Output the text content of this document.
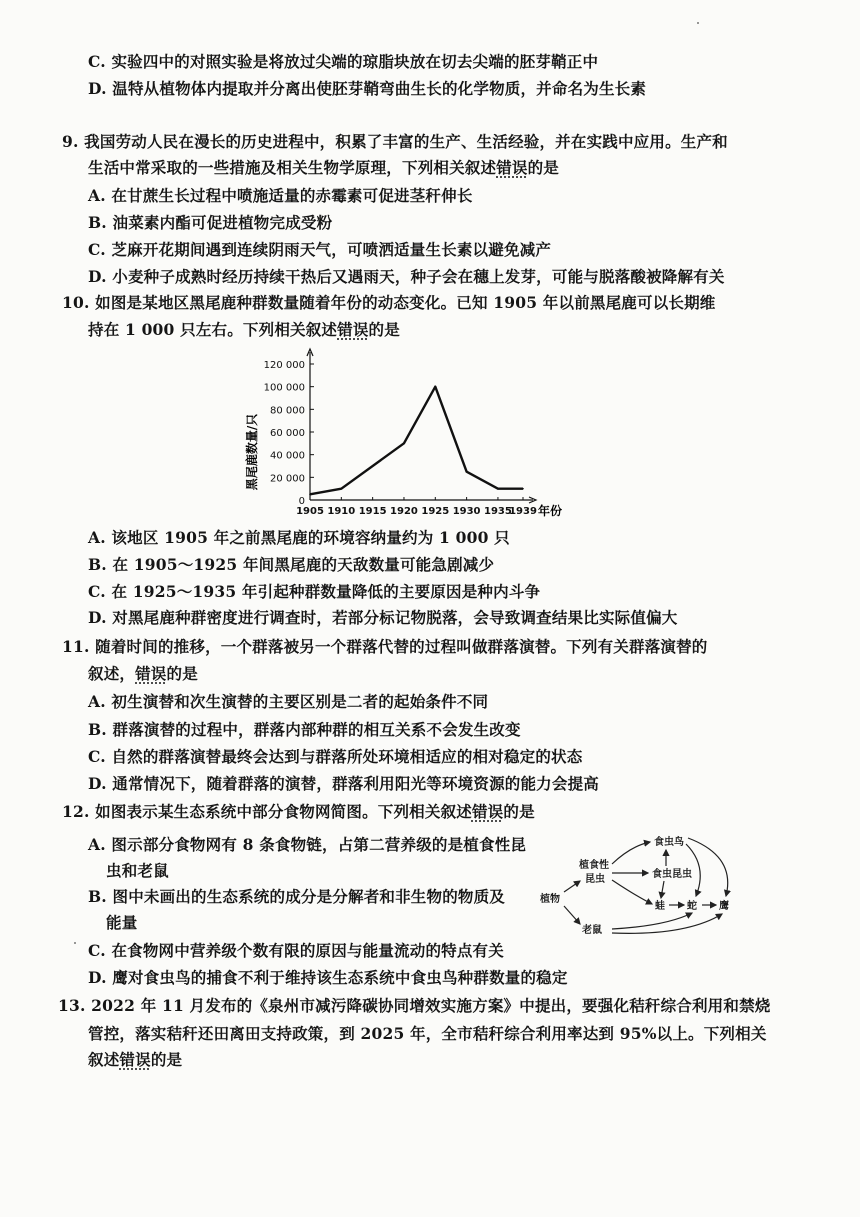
C. 实验四中的对照实验是将放过尖端的琼脂块放在切去尖端的胚芽鞘正中
D. 温特从植物体内提取并分离出使胚芽鞘弯曲生长的化学物质，并命名为生长素
9. 我国劳动人民在漫长的历史进程中，积累了丰富的生产、生活经验，并在实践中应用。生产和
生活中常采取的一些措施及相关生物学原理，下列相关叙述错误的是
A. 在甘蔗生长过程中喷施适量的赤霉素可促进茎秆伸长
B. 油菜素内酯可促进植物完成受粉
C. 芝麻开花期间遇到连续阴雨天气，可喷洒适量生长素以避免减产
D. 小麦种子成熟时经历持续干热后又遇雨天，种子会在穗上发芽，可能与脱落酸被降解有关
10. 如图是某地区黑尾鹿种群数量随着年份的动态变化。已知 1905 年以前黑尾鹿可以长期维
持在 1 000 只左右。下列相关叙述错误的是
0
20 000
40 000
60 000
80 000
100 000
120 000
1905 1910 1915 1920 1925 1930 1935
1939
黑尾鹿数量/只
年份
A. 该地区 1905 年之前黑尾鹿的环境容纳量约为 1 000 只
B. 在 1905～1925 年间黑尾鹿的天敌数量可能急剧减少
C. 在 1925～1935 年引起种群数量降低的主要原因是种内斗争
D. 对黑尾鹿种群密度进行调查时，若部分标记物脱落，会导致调查结果比实际值偏大
11. 随着时间的推移，一个群落被另一个群落代替的过程叫做群落演替。下列有关群落演替的
叙述，错误的是
A. 初生演替和次生演替的主要区别是二者的起始条件不同
B. 群落演替的过程中，群落内部种群的相互关系不会发生改变
C. 自然的群落演替最终会达到与群落所处环境相适应的相对稳定的状态
D. 通常情况下，随着群落的演替，群落利用阳光等环境资源的能力会提高
12. 如图表示某生态系统中部分食物网简图。下列相关叙述错误的是
A. 图示部分食物网有 8 条食物链，占第二营养级的是植食性昆
虫和老鼠
B. 图中未画出的生态系统的成分是分解者和非生物的物质及
能量
C. 在食物网中营养级个数有限的原因与能量流动的特点有关
D. 鹰对食虫鸟的捕食不利于维持该生态系统中食虫鸟种群数量的稳定
植物
植食性
昆虫
食虫鸟
食虫昆虫
蛙 蛇 鹰
老鼠
13. 2022 年 11 月发布的《泉州市减污降碳协同增效实施方案》中提出，要强化秸秆综合利用和禁烧
管控，落实秸秆还田离田支持政策，到 2025 年，全市秸秆综合利用率达到 95%以上。下列相关
叙述错误的是
